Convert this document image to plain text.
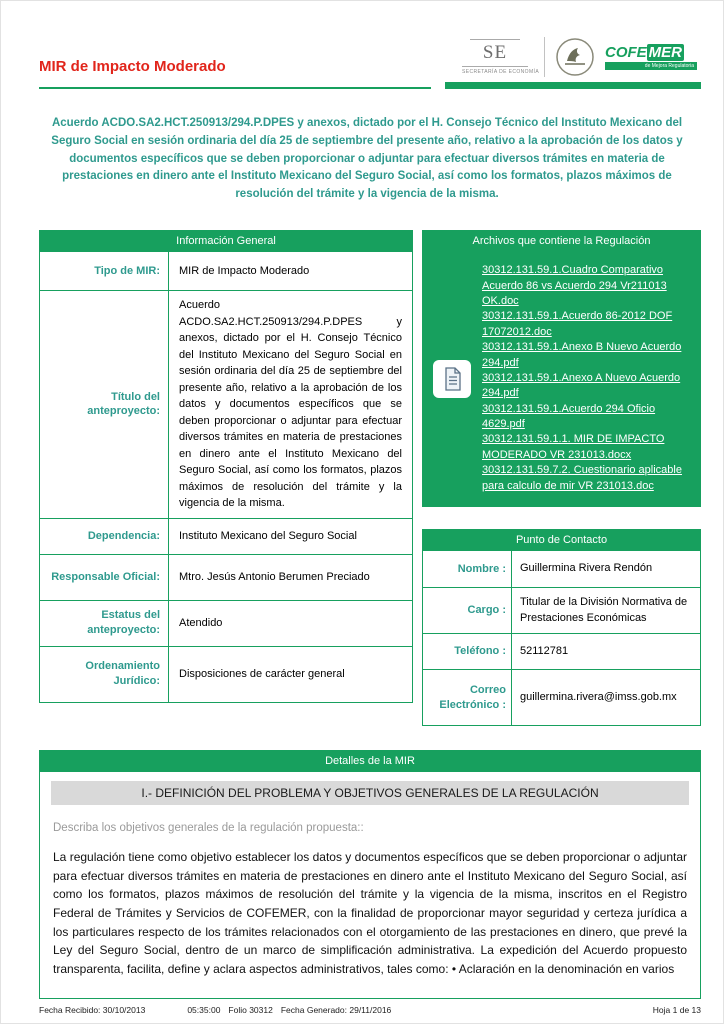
MIR de Impacto Moderado
SE
SECRETARÍA DE ECONOMÍA
COFE MER
de Mejora Regulatoria

Acuerdo ACDO.SA2.HCT.250913/294.P.DPES y anexos, dictado por el H. Consejo Técnico del Instituto Mexicano del Seguro Social en sesión ordinaria del día 25 de septiembre del presente año, relativo a la aprobación de los datos y documentos específicos que se deben proporcionar o adjuntar para efectuar diversos trámites en materia de prestaciones en dinero ante el Instituto Mexicano del Seguro Social, así como los formatos, plazos máximos de resolución del trámite y la vigencia de la misma.

Información General
Tipo de MIR:	MIR de Impacto Moderado
Título del anteproyecto:
Acuerdo ACDO.SA2.HCT.250913/294.P.DPES y anexos, dictado por el H. Consejo Técnico del Instituto Mexicano del Seguro Social en sesión ordinaria del día 25 de septiembre del presente año, relativo a la aprobación de los datos y documentos específicos que se deben proporcionar o adjuntar para efectuar diversos trámites en materia de prestaciones en dinero ante el Instituto Mexicano del Seguro Social, así como los formatos, plazos máximos de resolución del trámite y la vigencia de la misma.
Dependencia:	Instituto Mexicano del Seguro Social
Responsable Oficial:	Mtro. Jesús Antonio Berumen Preciado
Estatus del anteproyecto:
Atendido
Ordenamiento Jurídico:
Disposiciones de carácter general
Archivos que contiene la Regulación
30312.131.59.1.Cuadro Comparativo Acuerdo 86 vs Acuerdo 294 Vr211013 OK.doc
30312.131.59.1.Acuerdo 86-2012 DOF 17072012.doc
30312.131.59.1.Anexo B Nuevo Acuerdo 294.pdf
30312.131.59.1.Anexo A Nuevo Acuerdo 294.pdf
30312.131.59.1.Acuerdo 294 Oficio 4629.pdf
30312.131.59.1.1. MIR DE IMPACTO MODERADO VR 231013.docx
30312.131.59.7.2. Cuestionario aplicable para calculo de mir VR 231013.doc
Punto de Contacto
Nombre :	Guillermina Rivera Rendón
Cargo :
Titular de la División Normativa de Prestaciones Económicas
Teléfono :	52112781
Correo Electrónico :
guillermina.rivera@imss.gob.mx
Detalles de la MIR
I.- DEFINICIÓN DEL PROBLEMA Y OBJETIVOS GENERALES DE LA REGULACIÓN
Describa los objetivos generales de la regulación propuesta::
La regulación tiene como objetivo establecer los datos y documentos específicos que se deben proporcionar o adjuntar para efectuar diversos trámites en materia de prestaciones en dinero ante el Instituto Mexicano del Seguro Social, así como los formatos, plazos máximos de resolución del trámite y la vigencia de la misma, inscritos en el Registro Federal de Trámites y Servicios de COFEMER, con la finalidad de proporcionar mayor seguridad y certeza jurídica a los particulares respecto de los trámites relacionados con el otorgamiento de las prestaciones en dinero, que prevé la Ley del Seguro Social, dentro de un marco de simplificación administrativa. La expedición del Acuerdo propuesto transparenta, facilita, define y aclara aspectos administrativos, tales como: • Aclaración en la denominación en varios
Fecha Recibido: 30/10/2013	05:35:00 Folio 30312 Fecha Generado: 29/11/2016	Hoja 1 de 13
